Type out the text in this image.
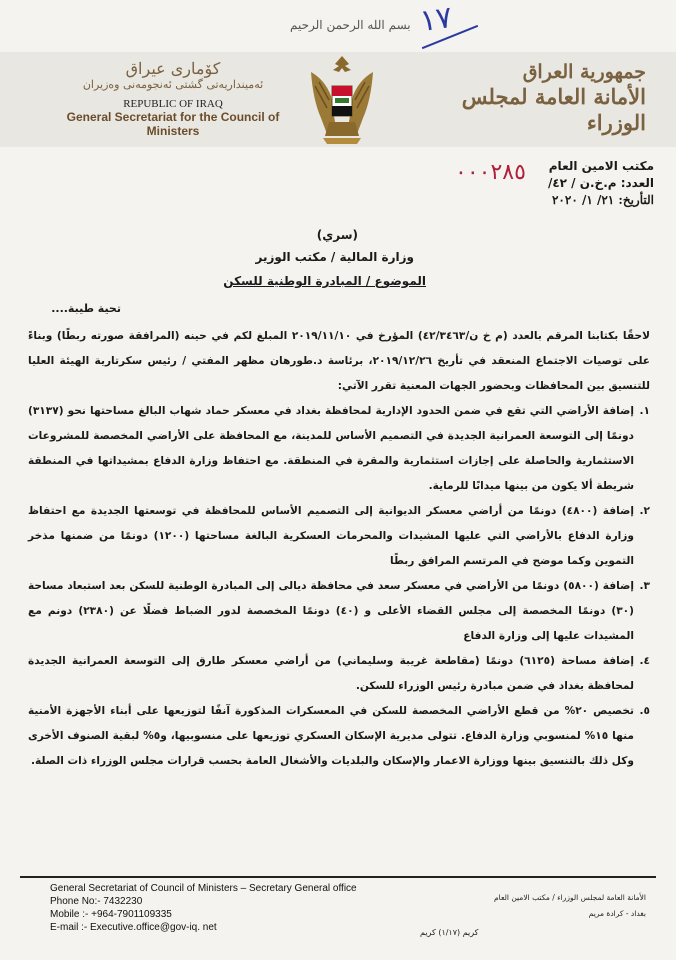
بسم الله الرحمن الرحيم ١٧
كۆماری عیراق
ئەمینداریەتی گشتی ئەنجومەنی وەزیران
REPUBLIC OF IRAQ
General Secretariat for the Council of Ministers
جمهورية العراق
الأمانة العامة لمجلس الوزراء
مكتب الامين العام
العدد: م.خ.ن / ٤٢/
التأريخ: ٢١/ ١/ ٢٠٢٠
٠٠٠٢٨٥
(سري)
وزارة المالية / مكتب الوزير
الموضوع / المبادرة الوطنية للسكن
تحية طيبة....

لاحقًا بكتابنا المرقم بالعدد (م خ ن/٤٢/٣٤٦٣) المؤرخ في ٢٠١٩/١١/١٠ المبلغ لكم في حينه (المرافقة صورته ربطًا) وبناءً على توصيات الاجتماع المنعقد في تأريخ ٢٠١٩/١٢/٢٦، برئاسة د.طورهان مظهر المفتي / رئيس سكرتارية الهيئة العليا للتنسيق بين المحافظات وبحضور الجهات المعنية تقرر الآتي:

١.
إضافة الأراضي التي تقع في ضمن الحدود الإدارية لمحافظة بغداد في معسكر حماد شهاب البالغ مساحتها نحو (٣١٣٧) دونمًا إلى التوسعة العمرانية الجديدة في التصميم الأساس للمدينة، مع المحافظة على الأراضي المخصصة للمشروعات الاستثمارية والحاصلة على إجازات استثمارية والمقرة في المنطقة. مع احتفاظ وزارة الدفاع بمشيداتها في المنطقة شريطة ألا يكون من بينها ميدانًا للرماية.
٢.
إضافة (٤٨٠٠) دونمًا من أراضي معسكر الديوانية إلى التصميم الأساس للمحافظة في توسعتها الجديدة مع احتفاظ وزارة الدفاع بالأراضي التي عليها المشيدات والمحرمات العسكرية البالغة مساحتها (١٢٠٠) دونمًا من ضمنها مذخر التموين وكما موضح في المرتسم المرافق ربطًا
٣.
إضافة (٥٨٠٠) دونمًا من الأراضي في معسكر سعد في محافظة ديالى إلى المبادرة الوطنية للسكن بعد استبعاد مساحة (٣٠) دونمًا المخصصة إلى مجلس القضاء الأعلى و (٤٠) دونمًا المخصصة لدور الضباط فضلًا عن (٢٣٨٠) دونم مع المشيدات عليها إلى وزارة الدفاع
٤.
إضافة مساحة (٦١٢٥) دونمًا (مقاطعة غريبة وسليماني) من أراضي معسكر طارق إلى التوسعة العمرانية الجديدة لمحافظة بغداد في ضمن مبادرة رئيس الوزراء للسكن.
٥.
تخصيص ٢٠% من قطع الأراضي المخصصة للسكن في المعسكرات المذكورة آنفًا لتوزيعها على أبناء الأجهزة الأمنية منها ١٥% لمنسوبي وزارة الدفاع. تتولى مديرية الإسكان العسكري توزيعها على منسوبيها، و٥% لبقية الصنوف الأخرى وكل ذلك بالتنسيق بينها ووزارة الاعمار والإسكان والبلديات والأشغال العامة بحسب قرارات مجلس الوزراء ذات الصلة.
General Secretariat of Council of Ministers – Secretary General office
Phone No:- 7432230
Mobile :- +964-7901109335
E-mail :- Executive.office@gov-iq. net
الأمانة العامة لمجلس الوزراء / مكتب الامين العام
بغداد - كرادة مريم
كريم (١/١٧) كريم
